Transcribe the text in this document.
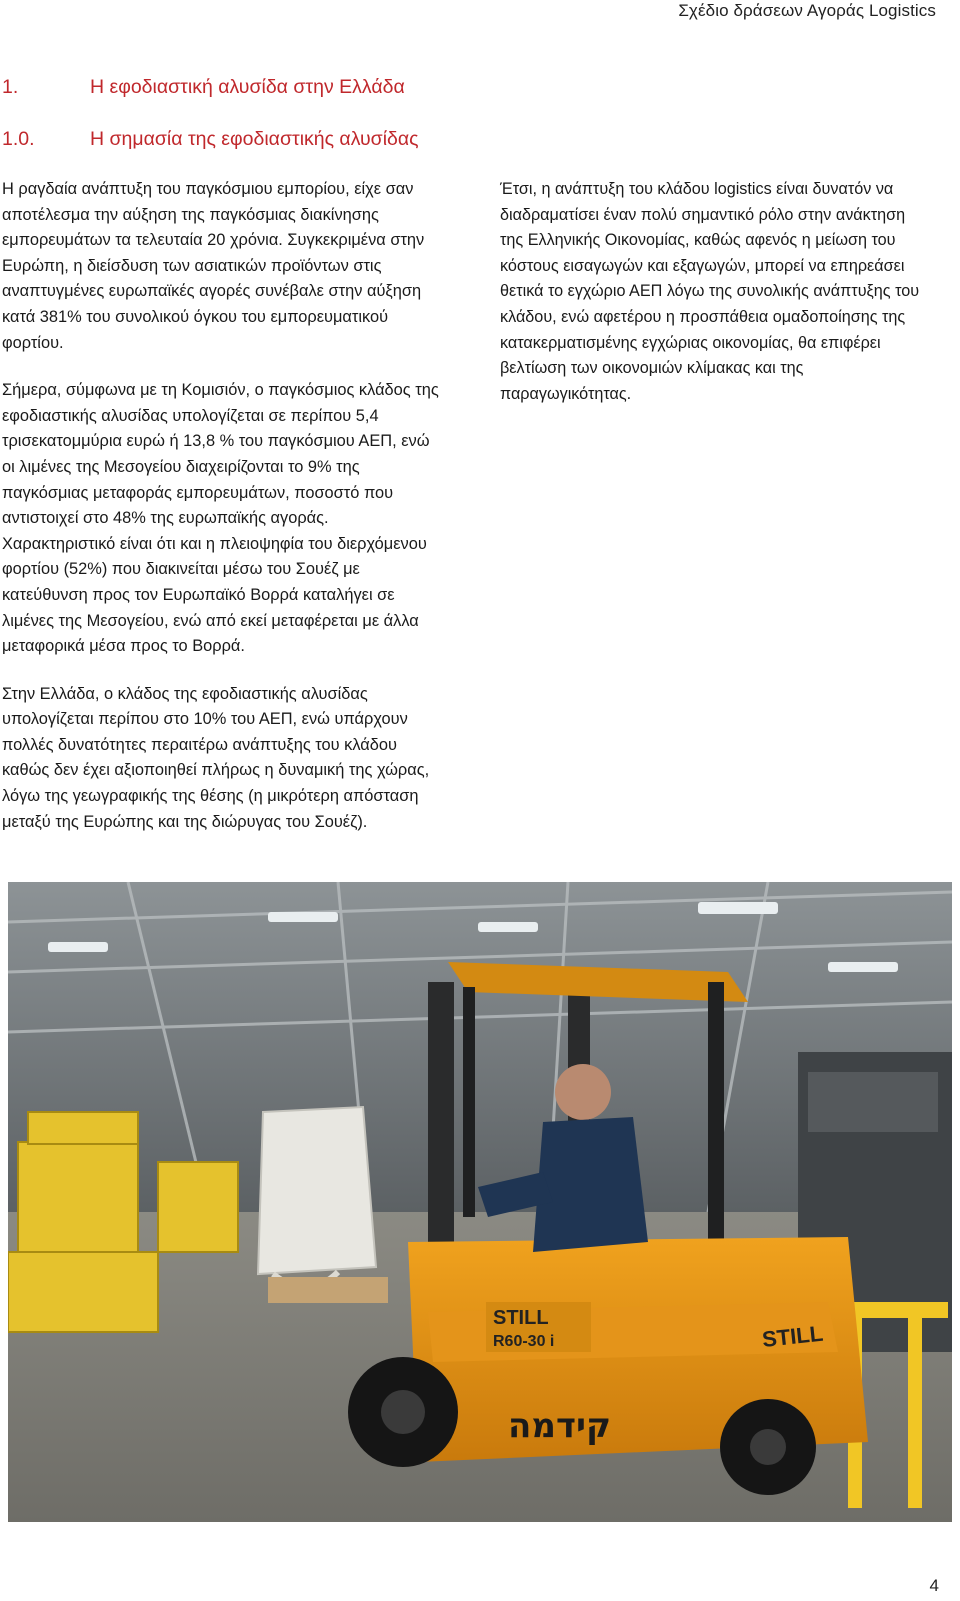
Σχέδιο δράσεων Αγοράς Logistics
1.	Η εφοδιαστική αλυσίδα στην Ελλάδα
1.0.	Η σημασία της εφοδιαστικής αλυσίδας

Η ραγδαία ανάπτυξη του παγκόσμιου εμπορίου, είχε σαν αποτέλεσμα την αύξηση της παγκόσμιας διακίνησης εμπορευμάτων τα τελευταία 20 χρόνια. Συγκεκριμένα στην Ευρώπη, η διείσδυση των ασιατικών προϊόντων στις αναπτυγμένες ευρωπαϊκές αγορές συνέβαλε στην αύξηση κατά 381% του συνολικού όγκου του εμπορευματικού φορτίου.

Σήμερα, σύμφωνα με τη Κομισιόν, ο παγκόσμιος κλάδος της εφοδιαστικής αλυσίδας υπολογίζεται σε περίπου 5,4 τρισεκατομμύρια ευρώ ή 13,8 % του παγκόσμιου ΑΕΠ, ενώ οι λιμένες της Μεσογείου διαχειρίζονται το 9% της παγκόσμιας μεταφοράς εμπορευμάτων, ποσοστό που αντιστοιχεί στο 48% της ευρωπαϊκής αγοράς. Χαρακτηριστικό είναι ότι και η πλειοψηφία του διερχόμενου φορτίου (52%) που διακινείται μέσω του Σουέζ με κατεύθυνση προς τον Ευρωπαϊκό Βορρά καταλήγει σε λιμένες της Μεσογείου, ενώ από εκεί μεταφέρεται με άλλα μεταφορικά μέσα προς το Βορρά.

Στην Ελλάδα, ο κλάδος της εφοδιαστικής αλυσίδας υπολογίζεται περίπου στο 10% του ΑΕΠ, ενώ υπάρχουν πολλές δυνατότητες περαιτέρω ανάπτυξης του κλάδου καθώς δεν έχει αξιοποιηθεί πλήρως η δυναμική της χώρας, λόγω της γεωγραφικής της θέσης (η μικρότερη απόσταση μεταξύ της Ευρώπης και της διώρυγας του Σουέζ).

Έτσι, η ανάπτυξη του κλάδου logistics είναι δυνατόν να διαδραματίσει έναν πολύ σημαντικό ρόλο στην ανάκτηση της Ελληνικής Οικονομίας, καθώς αφενός η μείωση του κόστους εισαγωγών και εξαγωγών, μπορεί να επηρεάσει θετικά το εγχώριο ΑΕΠ λόγω της συνολικής ανάπτυξης του κλάδου, ενώ αφετέρου η προσπάθεια ομαδοποίησης της κατακερματισμένης εγχώριας οικονομίας, θα επιφέρει βελτίωση των οικονομιών κλίμακας και της παραγωγικότητας.

STILL
R60-30 i	STILL
קידמה
4
